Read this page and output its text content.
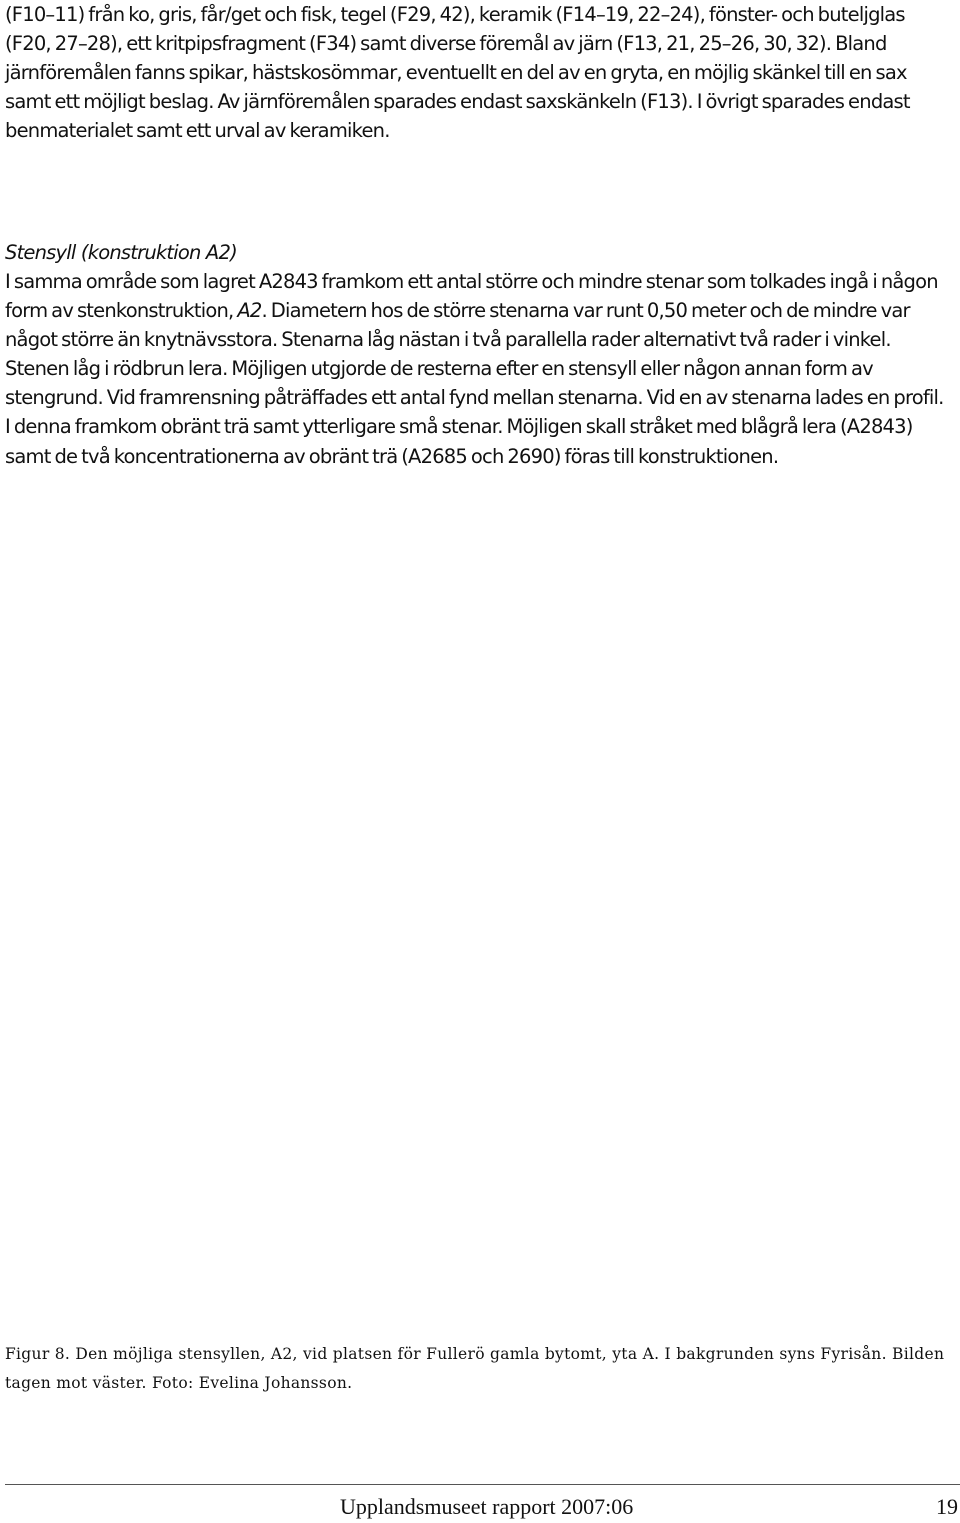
(F10–11) från ko, gris, får/get och fisk, tegel (F29, 42), keramik (F14–19, 22–24), fönster- och buteljglas (F20, 27–28), ett kritpipsfragment (F34) samt diverse föremål av järn (F13, 21, 25–26, 30, 32). Bland järnföremålen fanns spikar, hästskosömmar, eventuellt en del av en gryta, en möjlig skänkel till en sax samt ett möjligt beslag. Av järnföremålen sparades endast saxskänkeln (F13). I övrigt sparades endast benmaterialet samt ett urval av keramiken.

Stensyll (konstruktion A2)

I samma område som lagret A2843 framkom ett antal större och mindre stenar som tolkades ingå i någon form av stenkonstruktion, A2. Diametern hos de större stenarna var runt 0,50 meter och de mindre var något större än knytnävsstora. Stenarna låg nästan i två parallella rader alternativt två rader i vinkel. Stenen låg i rödbrun lera. Möjligen utgjorde de resterna efter en stensyll eller någon annan form av stengrund. Vid framrensning påträffades ett antal fynd mellan stenarna. Vid en av stenarna lades en profil. I denna framkom obränt trä samt ytterligare små stenar. Möjligen skall stråket med blågrå lera (A2843) samt de två koncentrationerna av obränt trä (A2685 och 2690) föras till konstruktionen.

Figur 8. Den möjliga stensyllen, A2, vid platsen för Fullerö gamla bytomt, yta A. I bakgrunden syns Fyrisån. Bilden tagen mot väster. Foto: Evelina Johansson.

Upplandsmuseet rapport 2007:06	19
